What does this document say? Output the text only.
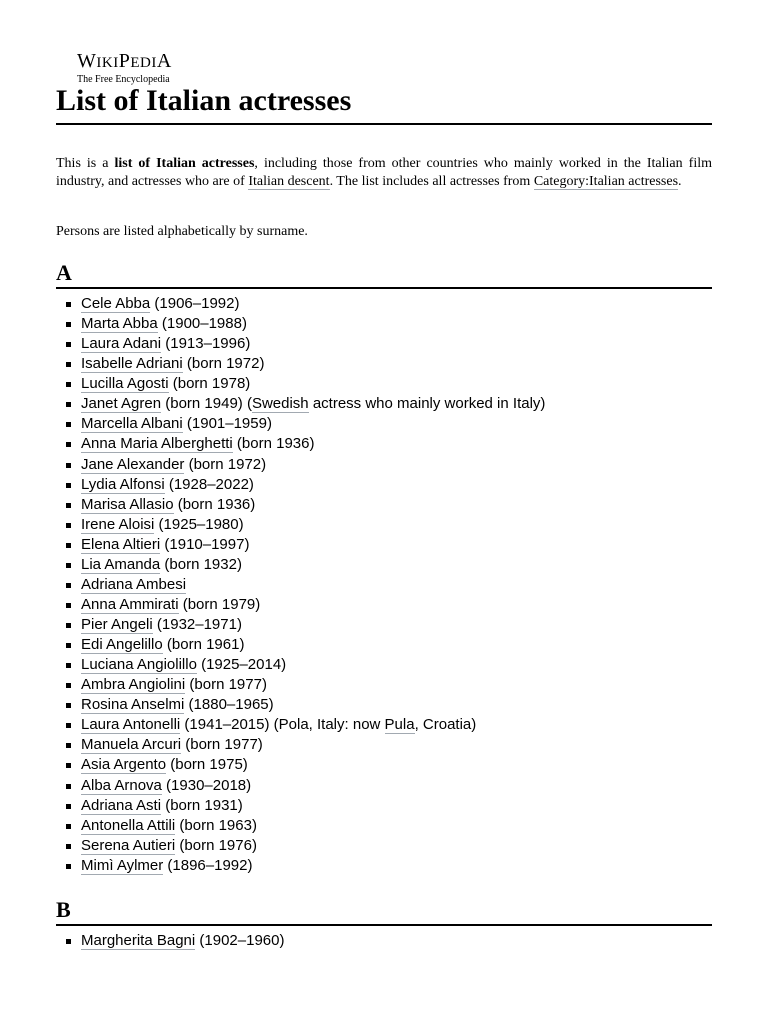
WIKIPEDIA
The Free Encyclopedia
List of Italian actresses

This is a list of Italian actresses, including those from other countries who mainly worked in the Italian film industry, and actresses who are of Italian descent. The list includes all actresses from Category:Italian actresses.

Persons are listed alphabetically by surname.

A
Cele Abba (1906–1992)
Marta Abba (1900–1988)
Laura Adani (1913–1996)
Isabelle Adriani (born 1972)
Lucilla Agosti (born 1978)
Janet Agren (born 1949) (Swedish actress who mainly worked in Italy)
Marcella Albani (1901–1959)
Anna Maria Alberghetti (born 1936)
Jane Alexander (born 1972)
Lydia Alfonsi (1928–2022)
Marisa Allasio (born 1936)
Irene Aloisi (1925–1980)
Elena Altieri (1910–1997)
Lia Amanda (born 1932)
Adriana Ambesi
Anna Ammirati (born 1979)
Pier Angeli (1932–1971)
Edi Angelillo (born 1961)
Luciana Angiolillo (1925–2014)
Ambra Angiolini (born 1977)
Rosina Anselmi (1880–1965)
Laura Antonelli (1941–2015) (Pola, Italy: now Pula, Croatia)
Manuela Arcuri (born 1977)
Asia Argento (born 1975)
Alba Arnova (1930–2018)
Adriana Asti (born 1931)
Antonella Attili (born 1963)
Serena Autieri (born 1976)
Mimì Aylmer (1896–1992)
B
Margherita Bagni (1902–1960)
